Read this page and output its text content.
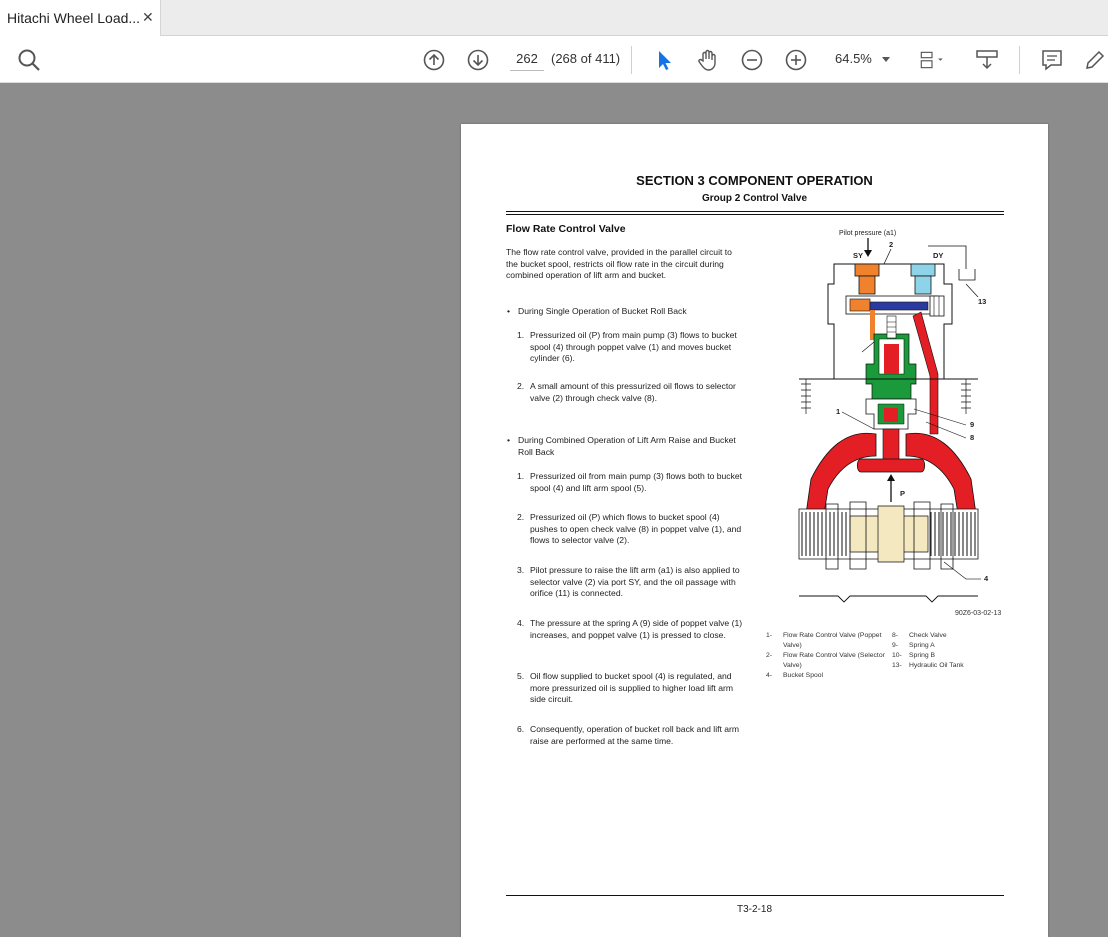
Hitachi Wheel Load... ✕
262	(268 of 411)	64.5%
SECTION 3 COMPONENT OPERATION
Group 2 Control Valve
Flow Rate Control Valve
The flow rate control valve, provided in the parallel circuit to the bucket spool, restricts oil flow rate in the circuit during combined operation of lift arm and bucket.
• During Single Operation of Bucket Roll Back
1. Pressurized oil (P) from main pump (3) flows to bucket spool (4) through poppet valve (1) and moves bucket cylinder (6).
2. A small amount of this pressurized oil flows to selector valve (2) through check valve (8).
• During Combined Operation of Lift Arm Raise and Bucket Roll Back
1. Pressurized oil from main pump (3) flows both to bucket spool (4) and lift arm spool (5).
2. Pressurized oil (P) which flows to bucket spool (4) pushes to open check valve (8) in poppet valve (1), and flows to selector valve (2).
3. Pilot pressure to raise the lift arm (a1) is also applied to selector valve (2) via port SY, and the oil passage with orifice (11) is connected.
4. The pressure at the spring A (9) side of poppet valve (1) increases, and poppet valve (1) is pressed to close.
5. Oil flow supplied to bucket spool (4) is regulated, and more pressurized oil is supplied to higher load lift arm side circuit.
6. Consequently, operation of bucket roll back and lift arm raise are performed at the same time.
Pilot pressure (a1)
2
SY	DY
13
1
9
8
P
4
90Z6-03-02-13
1- Flow Rate Control Valve (Poppet Valve)
2- Flow Rate Control Valve (Selector Valve)
4- Bucket Spool
8- Check Valve
9- Spring A
10- Spring B
13- Hydraulic Oil Tank
T3-2-18
